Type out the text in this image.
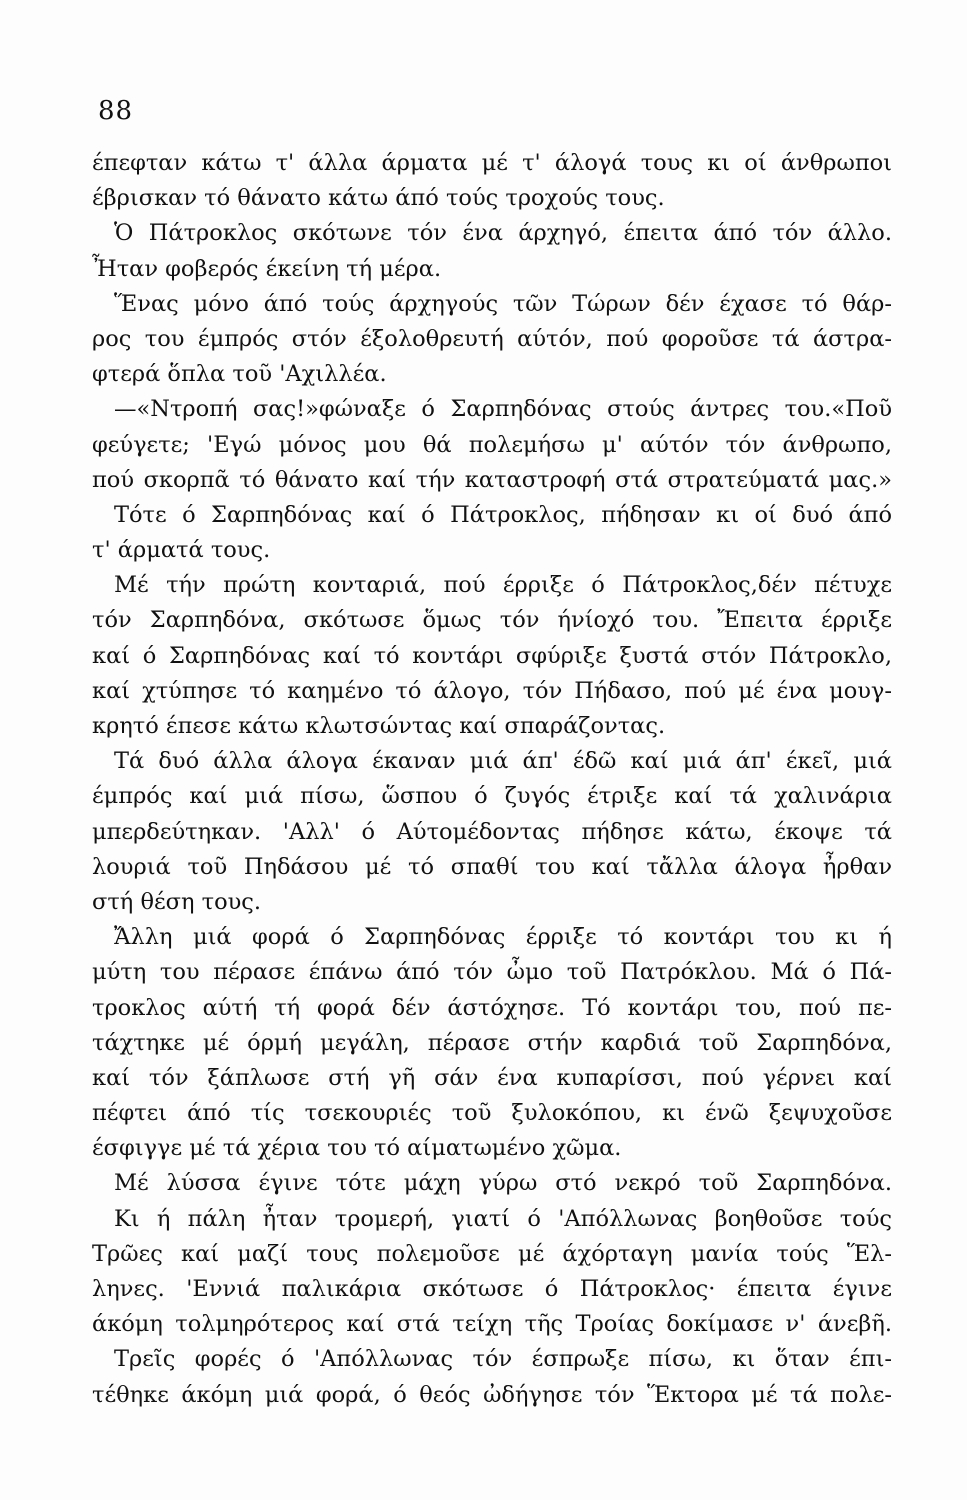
88
έπεφταν κάτω τ' άλλα άρματα μέ τ' άλογά τους κι οί άνθρωποι
έβρισκαν τό θάνατο κάτω άπό τούς τροχούς τους.
Ὁ Πάτροκλος σκότωνε τόν ένα άρχηγό, έπειτα άπό τόν άλλο.
Ἦταν φοβερός έκείνη τή μέρα.
Ἕνας μόνο άπό τούς άρχηγούς τῶν Τώρων δέν έχασε τό θάρ-
ρος του έμπρός στόν έξολοθρευτή αύτόν, πού φοροῦσε τά άστρα-
φτερά ὅπλα τοῦ 'Αχιλλέα.
—«Ντροπή σας!»φώναξε ό Σαρπηδόνας στούς άντρες του.«Ποῦ
φεύγετε; 'Εγώ μόνος μου θά πολεμήσω μ' αύτόν τόν άνθρωπο,
πού σκορπᾶ τό θάνατο καί τήν καταστροφή στά στρατεύματά μας.»
Τότε ό Σαρπηδόνας καί ό Πάτροκλος, πήδησαν κι οί δυό άπό
τ' άρματά τους.
Μέ τήν πρώτη κονταριά, πού έρριξε ό Πάτροκλος,δέν πέτυχε
τόν Σαρπηδόνα, σκότωσε ὅμως τόν ήνίοχό του. Ἔπειτα έρριξε
καί ό Σαρπηδόνας καί τό κοντάρι σφύριξε ξυστά στόν Πάτροκλο,
καί χτύπησε τό καημένο τό άλογο, τόν Πήδασο, πού μέ ένα μουγ-
κρητό έπεσε κάτω κλωτσώντας καί σπαράζοντας.
Τά δυό άλλα άλογα έκαναν μιά άπ' έδῶ καί μιά άπ' έκεῖ, μιά
έμπρός καί μιά πίσω, ὥσπου ό ζυγός έτριξε καί τά χαλινάρια
μπερδεύτηκαν. 'Αλλ' ό Αύτομέδοντας πήδησε κάτω, έκοψε τά
λουριά τοῦ Πηδάσου μέ τό σπαθί του καί τἄλλα άλογα ἦρθαν
στή θέση τους.
Ἄλλη μιά φορά ό Σαρπηδόνας έρριξε τό κοντάρι του κι ή
μύτη του πέρασε έπάνω άπό τόν ὦμο τοῦ Πατρόκλου. Μά ό Πά-
τροκλος αύτή τή φορά δέν άστόχησε. Τό κοντάρι του, πού πε-
τάχτηκε μέ όρμή μεγάλη, πέρασε στήν καρδιά τοῦ Σαρπηδόνα,
καί τόν ξάπλωσε στή γῆ σάν ένα κυπαρίσσι, πού γέρνει καί
πέφτει άπό τίς τσεκουριές τοῦ ξυλοκόπου, κι ένῶ ξεψυχοῦσε
έσφιγγε μέ τά χέρια του τό αίματωμένο χῶμα.
Μέ λύσσα έγινε τότε μάχη γύρω στό νεκρό τοῦ Σαρπηδόνα.
Κι ή πάλη ἦταν τρομερή, γιατί ό 'Απόλλωνας βοηθοῦσε τούς
Τρῶες καί μαζί τους πολεμοῦσε μέ άχόρταγη μανία τούς Ἕλ-
ληνες. 'Εννιά παλικάρια σκότωσε ό Πάτροκλος· έπειτα έγινε
άκόμη τολμηρότερος καί στά τείχη τῆς Τροίας δοκίμασε ν' άνεβῆ.
Τρεῖς φορές ό 'Απόλλωνας τόν έσπρωξε πίσω, κι ὅταν έπι-
τέθηκε άκόμη μιά φορά, ό θεός ὠδήγησε τόν Ἕκτορα μέ τά πολε-
